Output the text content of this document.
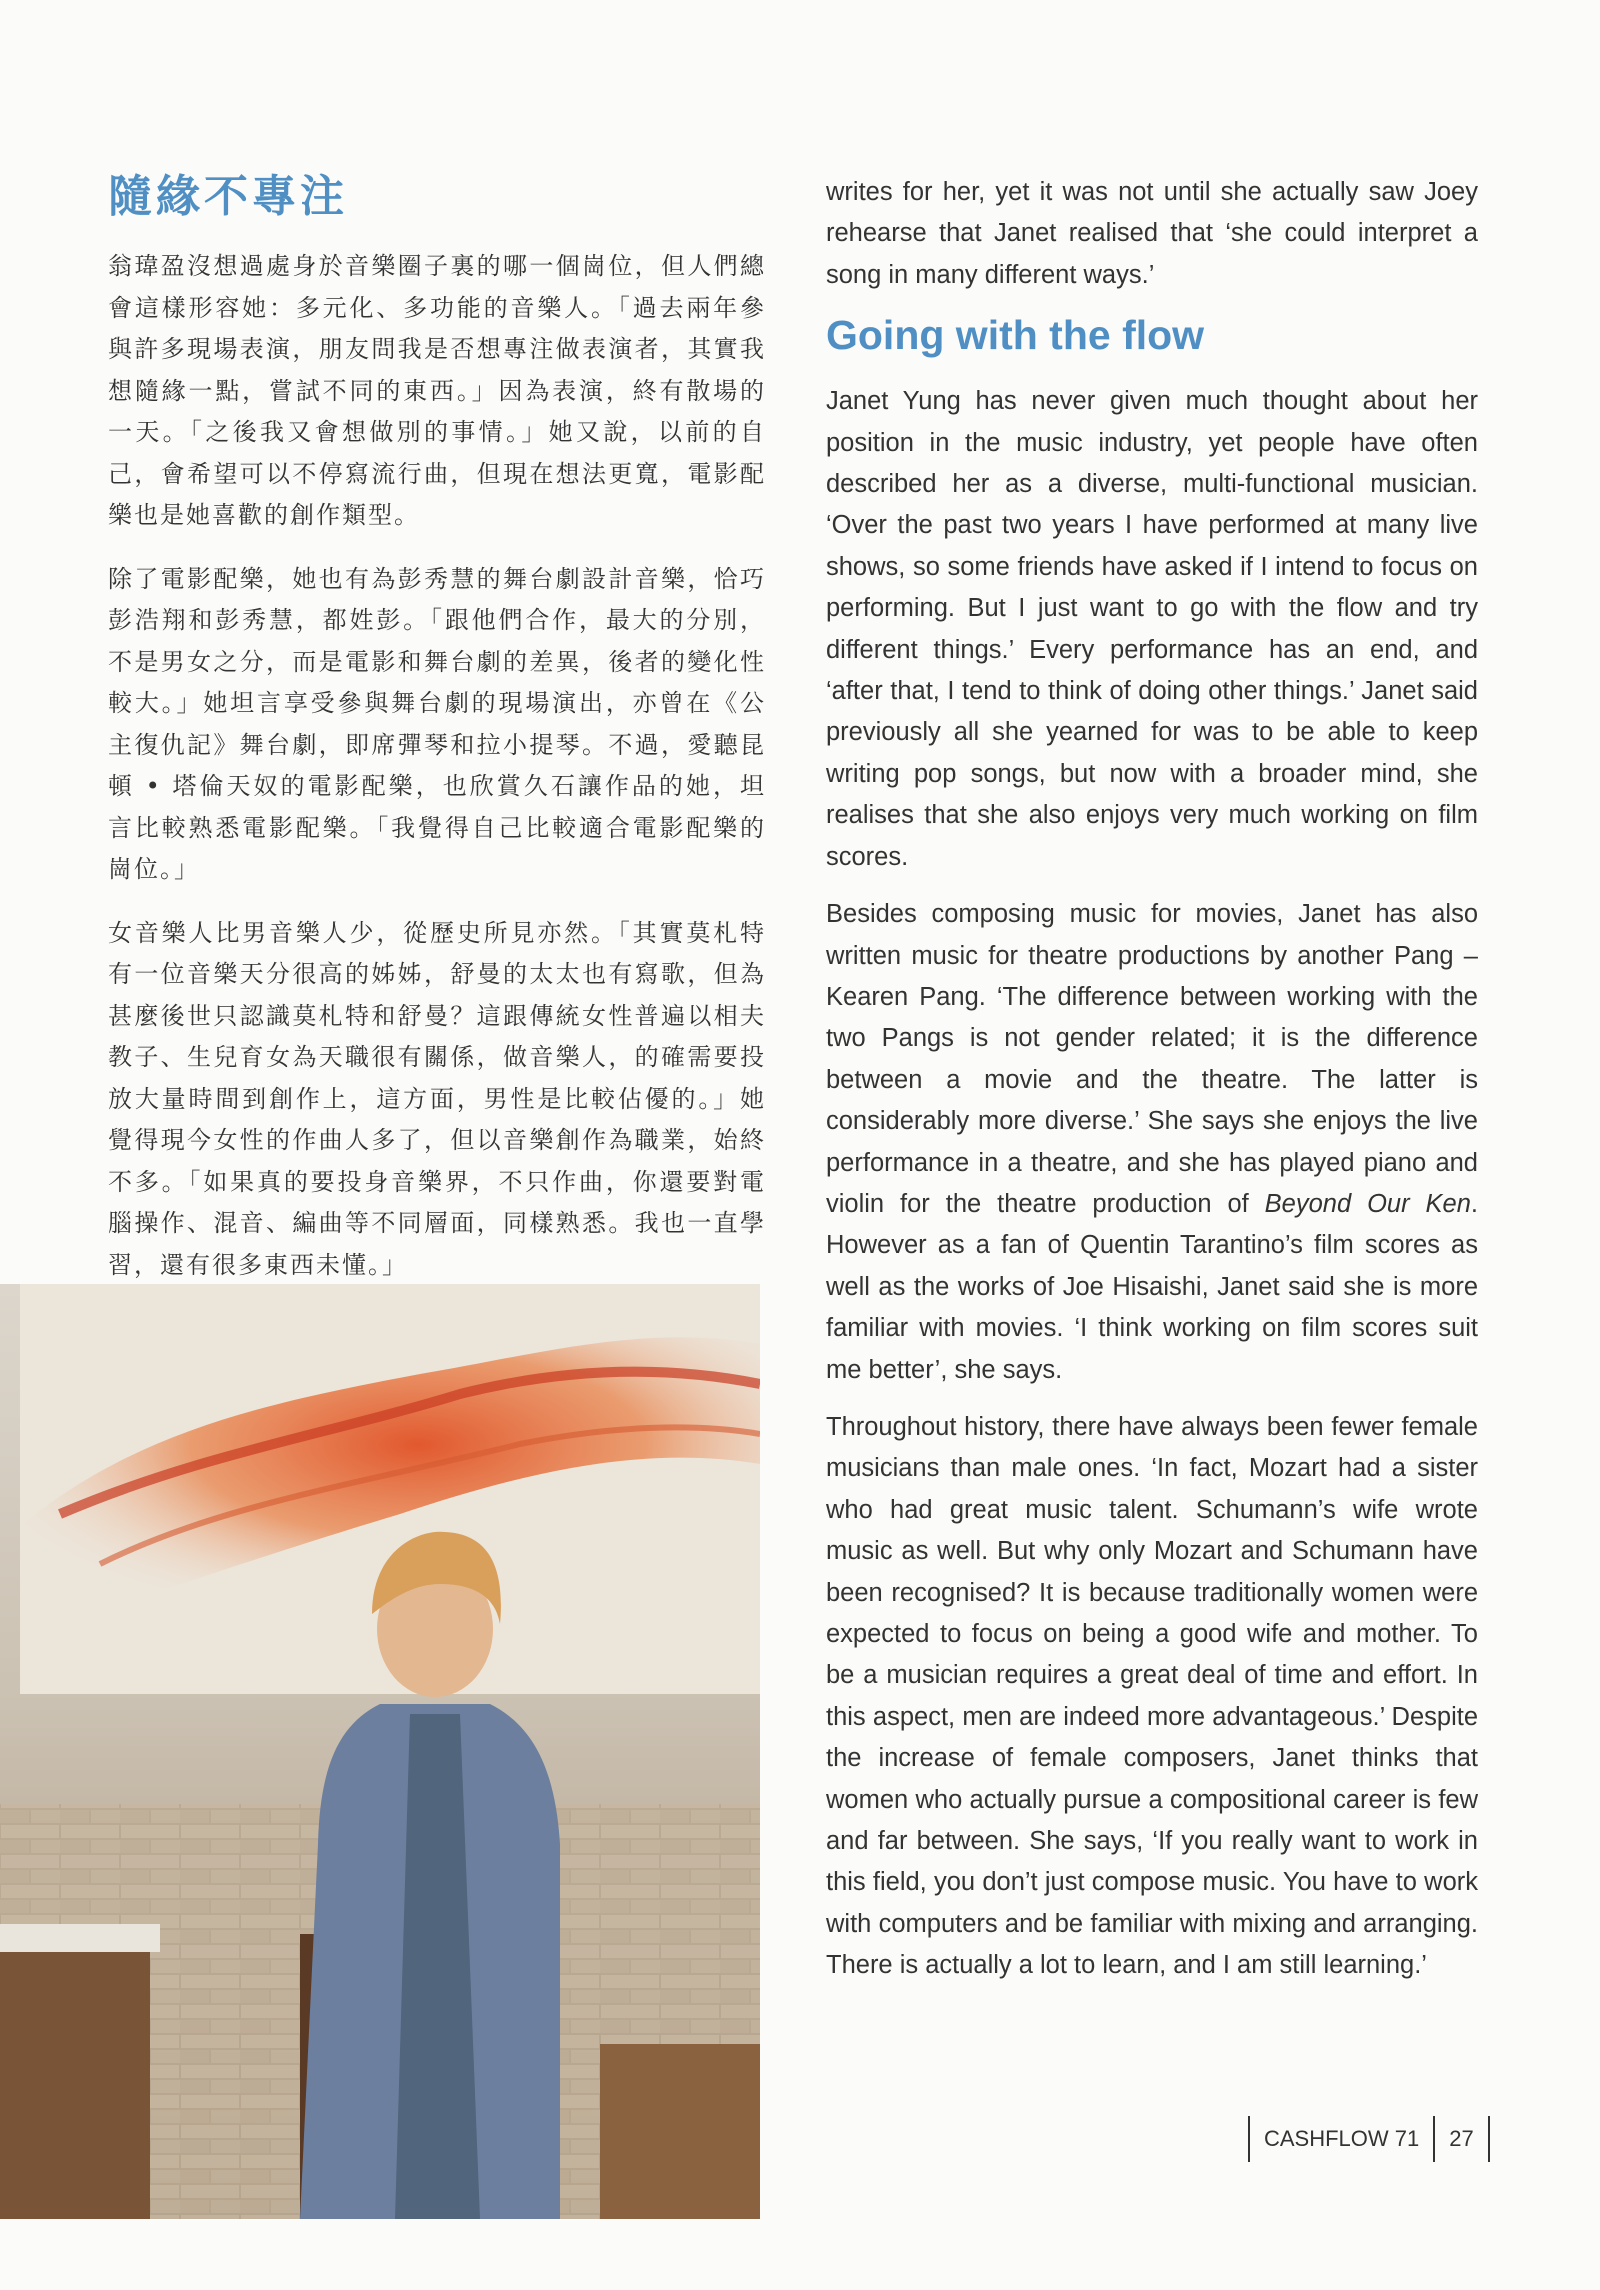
隨緣不專注

翁瑋盈沒想過處身於音樂圈子裏的哪一個崗位，但人們總會這樣形容她：多元化、多功能的音樂人。「過去兩年參與許多現場表演，朋友問我是否想專注做表演者，其實我想隨緣一點，嘗試不同的東西。」因為表演，終有散場的一天。「之後我又會想做別的事情。」她又說，以前的自己，會希望可以不停寫流行曲，但現在想法更寬，電影配樂也是她喜歡的創作類型。

除了電影配樂，她也有為彭秀慧的舞台劇設計音樂，恰巧彭浩翔和彭秀慧，都姓彭。「跟他們合作，最大的分別，不是男女之分，而是電影和舞台劇的差異，後者的變化性較大。」她坦言享受參與舞台劇的現場演出，亦曾在《公主復仇記》舞台劇，即席彈琴和拉小提琴。不過，愛聽昆頓 • 塔倫天奴的電影配樂，也欣賞久石讓作品的她，坦言比較熟悉電影配樂。「我覺得自己比較適合電影配樂的崗位。」

女音樂人比男音樂人少，從歷史所見亦然。「其實莫札特有一位音樂天分很高的姊姊，舒曼的太太也有寫歌，但為甚麼後世只認識莫札特和舒曼？這跟傳統女性普遍以相夫教子、生兒育女為天職很有關係，做音樂人，的確需要投放大量時間到創作上，這方面，男性是比較佔優的。」她覺得現今女性的作曲人多了，但以音樂創作為職業，始終不多。「如果真的要投身音樂界，不只作曲，你還要對電腦操作、混音、編曲等不同層面，同樣熟悉。我也一直學習，還有很多東西未懂。」

writes for her, yet it was not until she actually saw Joey rehearse that Janet realised that ‘she could interpret a song in many different ways.’

Going with the flow

Janet Yung has never given much thought about her position in the music industry, yet people have often described her as a diverse, multi-functional musician. ‘Over the past two years I have performed at many live shows, so some friends have asked if I intend to focus on performing. But I just want to go with the flow and try different things.’ Every performance has an end, and ‘after that, I tend to think of doing other things.’ Janet said previously all she yearned for was to be able to keep writing pop songs, but now with a broader mind, she realises that she also enjoys very much working on film scores.

Besides composing music for movies, Janet has also written music for theatre productions by another Pang – Kearen Pang. ‘The difference between working with the two Pangs is not gender related; it is the difference between a movie and the theatre. The latter is considerably more diverse.’ She says she enjoys the live performance in a theatre, and she has played piano and violin for the theatre production of Beyond Our Ken. However as a fan of Quentin Tarantino’s film scores as well as the works of Joe Hisaishi, Janet said she is more familiar with movies. ‘I think working on film scores suit me better’, she says.

Throughout history, there have always been fewer female musicians than male ones. ‘In fact, Mozart had a sister who had great music talent. Schumann’s wife wrote music as well. But why only Mozart and Schumann have been recognised? It is because traditionally women were expected to focus on being a good wife and mother. To be a musician requires a great deal of time and effort. In this aspect, men are indeed more advantageous.’ Despite the increase of female composers, Janet thinks that women who actually pursue a compositional career is few and far between. She says, ‘If you really want to work in this field, you don’t just compose music. You have to work with computers and be familiar with mixing and arranging. There is actually a lot to learn, and I am still learning.’

CASHFLOW 71	27
